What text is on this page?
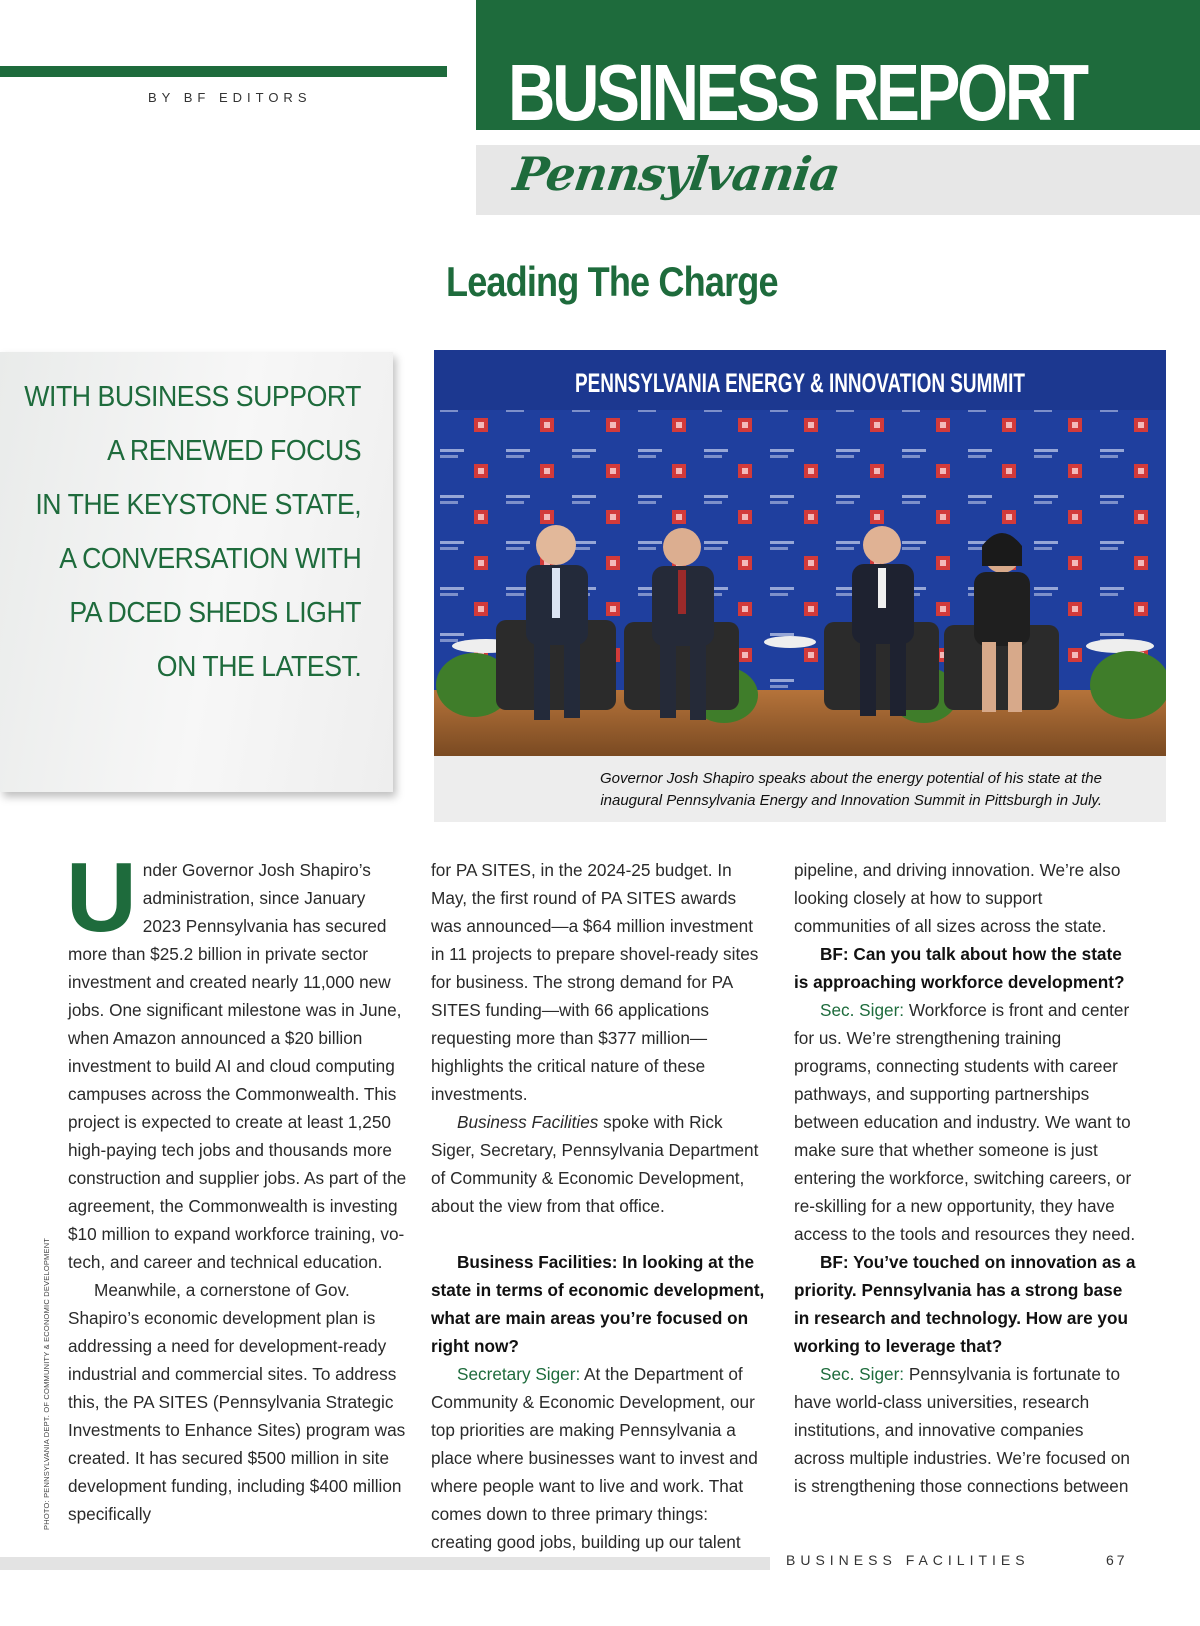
BY BF EDITORS BUSINESS REPORT
Pennsylvania
Leading The Charge
WITH BUSINESS SUPPORT
A RENEWED FOCUS
IN THE KEYSTONE STATE,
A CONVERSATION WITH
PA DCED SHEDS LIGHT
ON THE LATEST.
PENNSYLVANIA ENERGY & INNOVATION SUMMIT
Governor Josh Shapiro speaks about the energy potential of his state at the
inaugural Pennsylvania Energy and Innovation Summit in Pittsburgh in July.

Under Governor Josh Shapiro’s administration, since January 2023 Pennsylvania has secured more than $25.2 billion in private sector investment and created nearly 11,000 new jobs. One significant milestone was in June, when Amazon announced a $20 billion investment to build AI and cloud computing campuses across the Commonwealth. This project is expected to create at least 1,250 high-paying tech jobs and thousands more construction and supplier jobs. As part of the agreement, the Commonwealth is investing $10 million to expand workforce training, vo-tech, and career and technical education.

Meanwhile, a cornerstone of Gov. Shapiro’s economic development plan is addressing a need for development-ready industrial and commercial sites. To address this, the PA SITES (Pennsylvania Strategic Investments to Enhance Sites) program was created. It has secured $500 million in site development funding, including $400 million specifically

for PA SITES, in the 2024-25 budget. In May, the first round of PA SITES awards was announced—a $64 million investment in 11 projects to prepare shovel-ready sites for business. The strong demand for PA SITES funding—with 66 applications requesting more than $377 million—highlights the critical nature of these investments.

Business Facilities spoke with Rick Siger, Secretary, Pennsylvania Department of Community & Economic Development, about the view from that office.

Business Facilities: In looking at the state in terms of economic development, what are main areas you’re focused on right now?

Secretary Siger: At the Department of Community & Economic Development, our top priorities are making Pennsylvania a place where businesses want to invest and where people want to live and work. That comes down to three primary things: creating good jobs, building up our talent

pipeline, and driving innovation. We’re also looking closely at how to support communities of all sizes across the state.

BF: Can you talk about how the state is approaching workforce development?

Sec. Siger: Workforce is front and center for us. We’re strengthening training programs, connecting students with career pathways, and supporting partnerships between education and industry. We want to make sure that whether someone is just entering the workforce, switching careers, or re-skilling for a new opportunity, they have access to the tools and resources they need.

BF: You’ve touched on innovation as a priority. Pennsylvania has a strong base in research and technology. How are you working to leverage that?

Sec. Siger: Pennsylvania is fortunate to have world-class universities, research institutions, and innovative companies across multiple industries. We’re focused on is strengthening those connections between

PHOTO: PENNSYLVANIA DEPT. OF COMMUNITY & ECONOMIC DEVELOPMENT
BUSINESS FACILITIES	67
